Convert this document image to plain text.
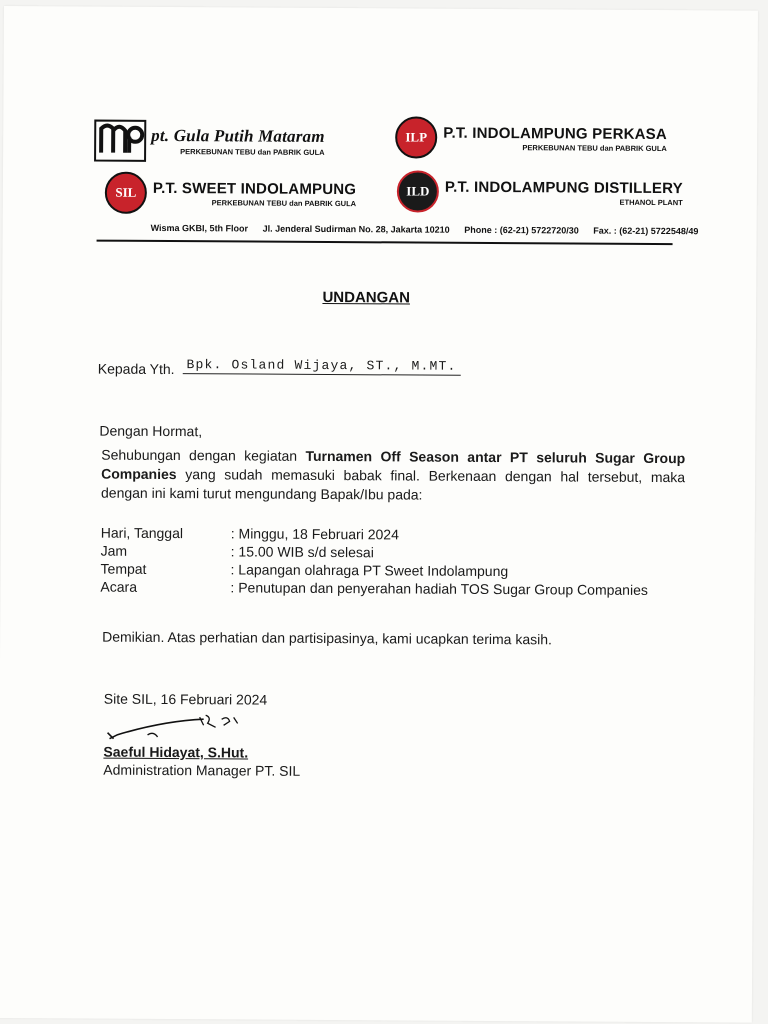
pt. Gula Putih Mataram
PERKEBUNAN TEBU dan PABRIK GULA
ILP P.T. INDOLAMPUNG PERKASA
PERKEBUNAN TEBU dan PABRIK GULA
SIL P.T. SWEET INDOLAMPUNG
PERKEBUNAN TEBU dan PABRIK GULA
ILD P.T. INDOLAMPUNG DISTILLERY
ETHANOL PLANT
Wisma GKBI, 5th Floor Jl. Jenderal Sudirman No. 28, Jakarta 10210 Phone : (62-21) 5722720/30 Fax. : (62-21) 5722548/49
UNDANGAN
Kepada Yth. Bpk. Osland Wijaya, ST., M.MT.
Dengan Hormat,
Sehubungan dengan kegiatan Turnamen Off Season antar PT seluruh Sugar Group Companies yang sudah memasuki babak final. Berkenaan dengan hal tersebut, maka dengan ini kami turut mengundang Bapak/Ibu pada:
Hari, Tanggal	: Minggu, 18 Februari 2024
Jam	: 15.00 WIB s/d selesai
Tempat	: Lapangan olahraga PT Sweet Indolampung
Acara	: Penutupan dan penyerahan hadiah TOS Sugar Group Companies
Demikian. Atas perhatian dan partisipasinya, kami ucapkan terima kasih.
Site SIL, 16 Februari 2024
Saeful Hidayat, S.Hut.
Administration Manager PT. SIL
